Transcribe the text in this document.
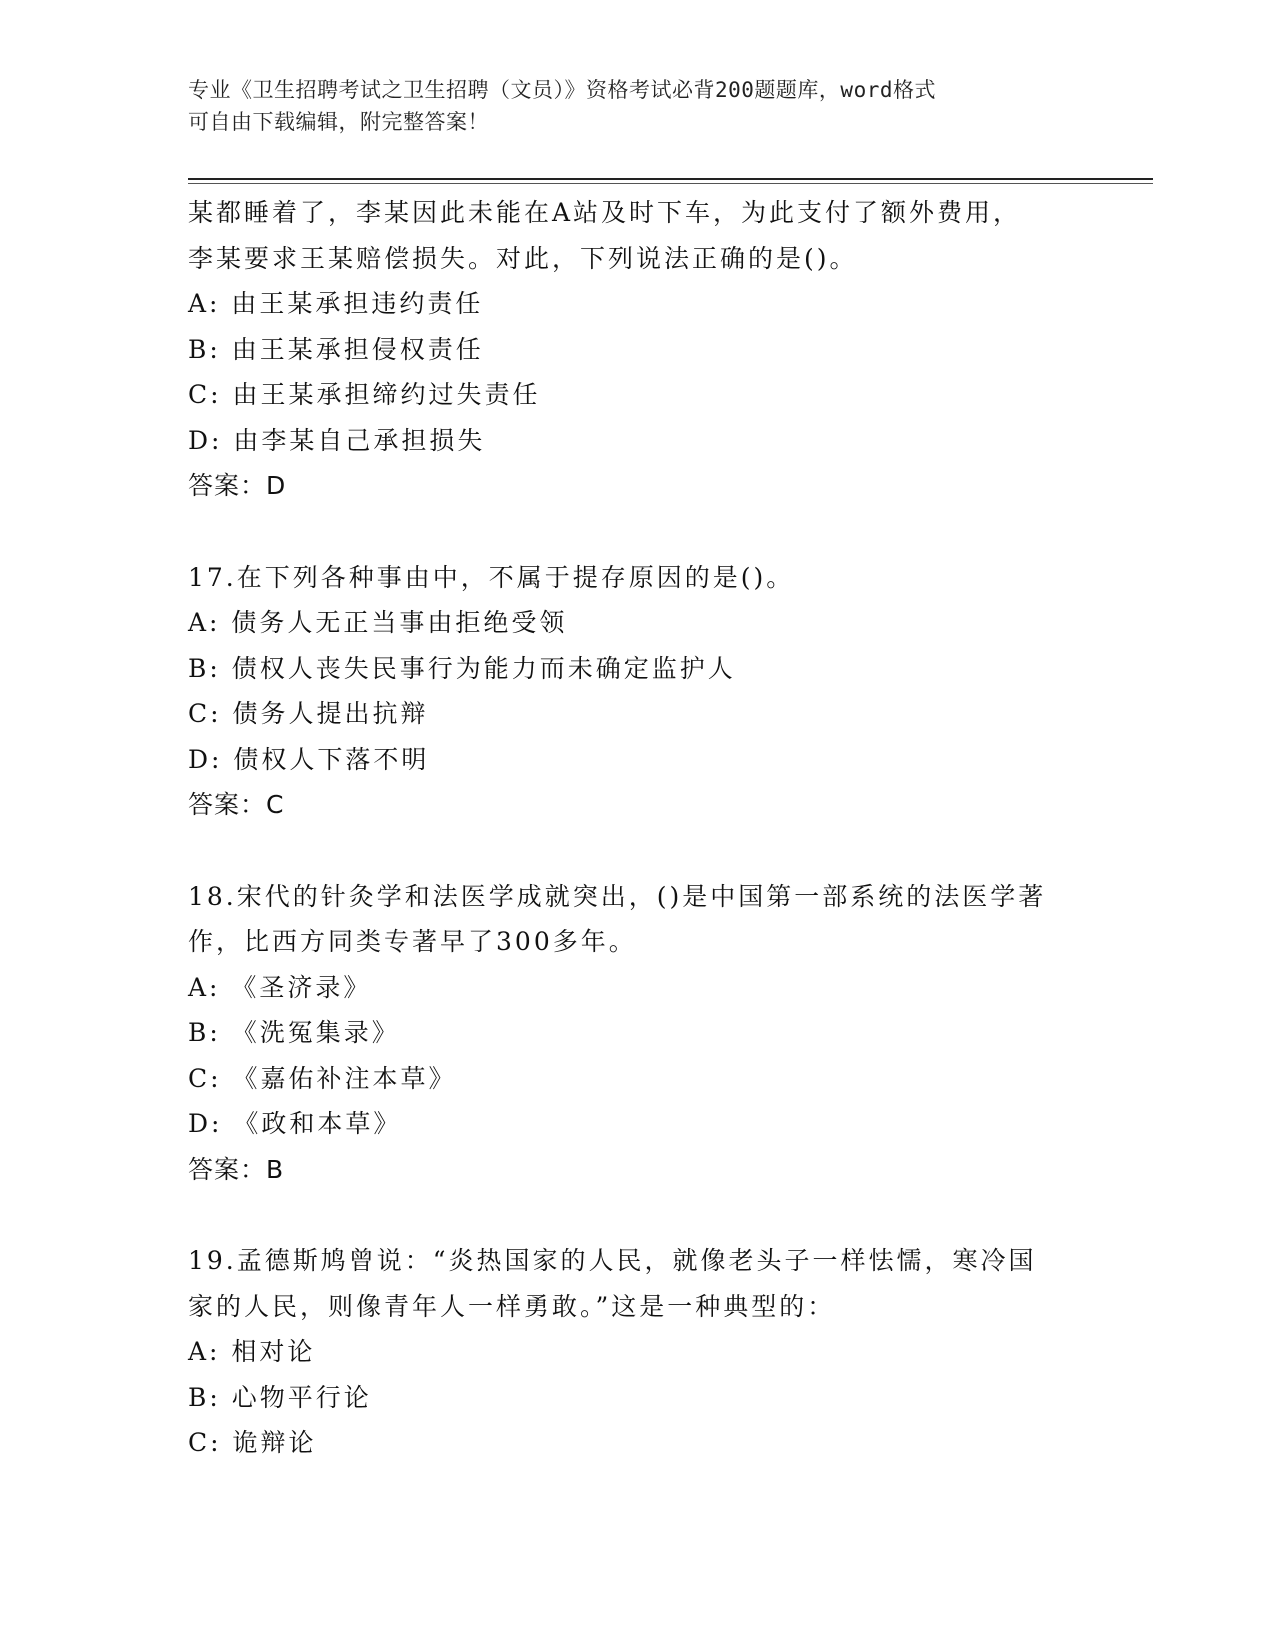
专业《卫生招聘考试之卫生招聘（文员）》资格考试必背200题题库，word格式
可自由下载编辑，附完整答案！
某都睡着了，李某因此未能在A站及时下车，为此支付了额外费用，
李某要求王某赔偿损失。对此，下列说法正确的是()。
A: 由王某承担违约责任
B: 由王某承担侵权责任
C: 由王某承担缔约过失责任
D: 由李某自己承担损失
答案：D
17.在下列各种事由中，不属于提存原因的是()。
A: 债务人无正当事由拒绝受领
B: 债权人丧失民事行为能力而未确定监护人
C: 债务人提出抗辩
D: 债权人下落不明
答案：C
18.宋代的针灸学和法医学成就突出，()是中国第一部系统的法医学著
作，比西方同类专著早了300多年。
A: 《圣济录》
B: 《洗冤集录》
C: 《嘉佑补注本草》
D: 《政和本草》
答案：B
19.孟德斯鸠曾说：“炎热国家的人民，就像老头子一样怯懦，寒冷国
家的人民，则像青年人一样勇敢。”这是一种典型的：
A: 相对论
B: 心物平行论
C: 诡辩论
